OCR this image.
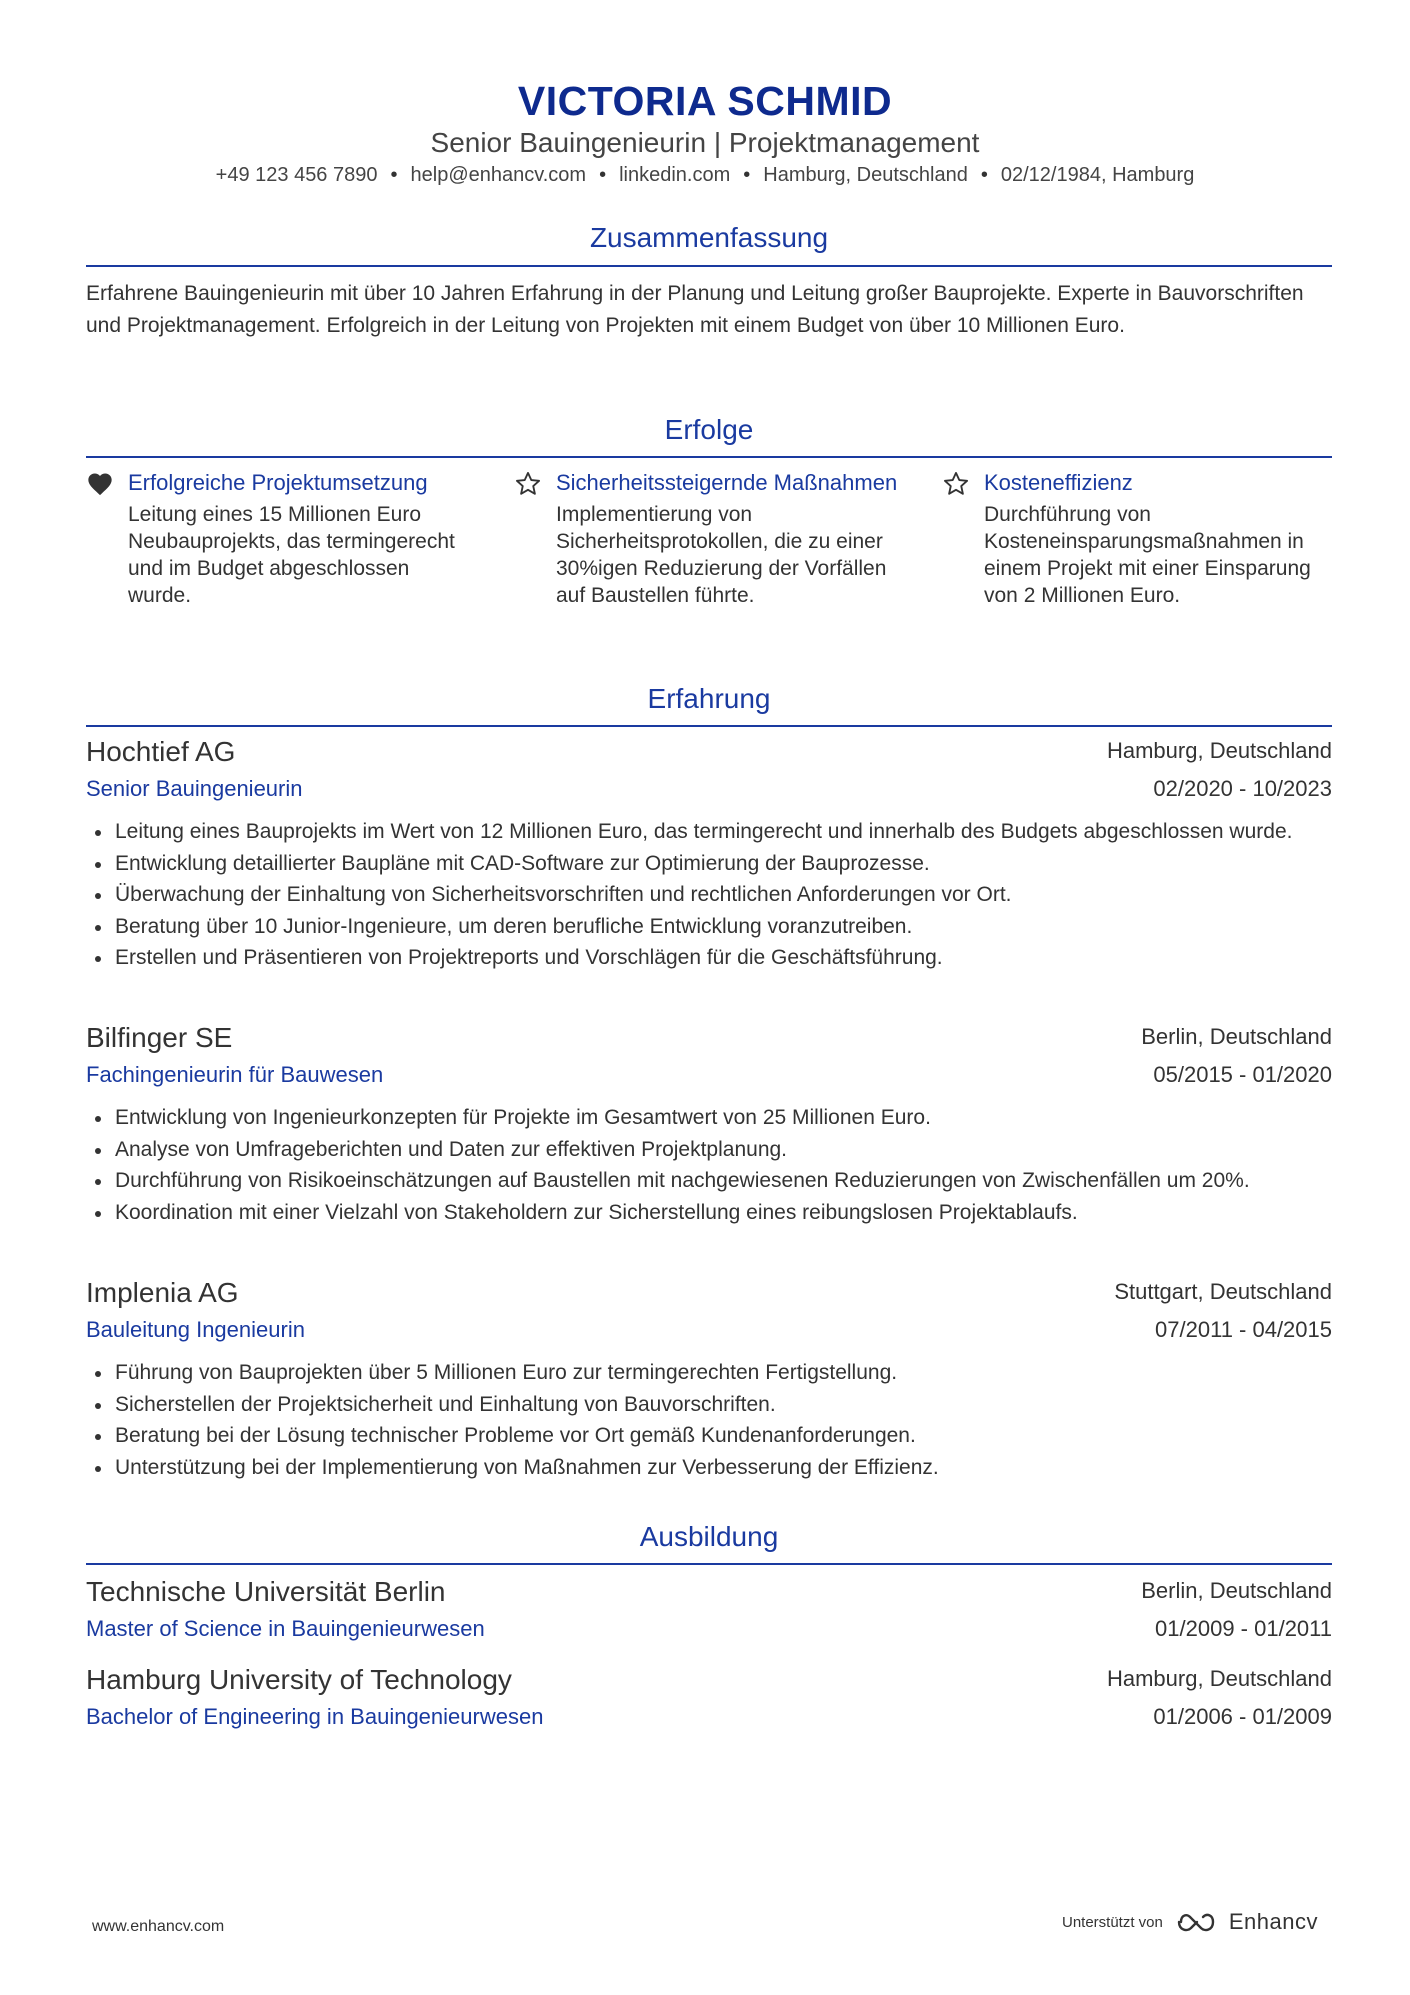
VICTORIA SCHMID
Senior Bauingenieurin | Projektmanagement
+49 123 456 7890 • help@enhancv.com • linkedin.com • Hamburg, Deutschland • 02/12/1984, Hamburg
Zusammenfassung
Erfahrene Bauingenieurin mit über 10 Jahren Erfahrung in der Planung und Leitung großer Bauprojekte. Experte in Bauvorschriften und Projektmanagement. Erfolgreich in der Leitung von Projekten mit einem Budget von über 10 Millionen Euro.
Erfolge
Erfolgreiche Projektumsetzung
Leitung eines 15 Millionen Euro Neubauprojekts, das termingerecht und im Budget abgeschlossen wurde.
Sicherheitssteigernde Maßnahmen
Implementierung von Sicherheitsprotokollen, die zu einer 30%igen Reduzierung der Vorfällen auf Baustellen führte.
Kosteneffizienz
Durchführung von Kosteneinsparungsmaßnahmen in einem Projekt mit einer Einsparung von 2 Millionen Euro.
Erfahrung
Hochtief AG	Hamburg, Deutschland
Senior Bauingenieurin	02/2020 - 10/2023
Leitung eines Bauprojekts im Wert von 12 Millionen Euro, das termingerecht und innerhalb des Budgets abgeschlossen wurde.
Entwicklung detaillierter Baupläne mit CAD-Software zur Optimierung der Bauprozesse.
Überwachung der Einhaltung von Sicherheitsvorschriften und rechtlichen Anforderungen vor Ort.
Beratung über 10 Junior-Ingenieure, um deren berufliche Entwicklung voranzutreiben.
Erstellen und Präsentieren von Projektreports und Vorschlägen für die Geschäftsführung.
Bilfinger SE	Berlin, Deutschland
Fachingenieurin für Bauwesen	05/2015 - 01/2020
Entwicklung von Ingenieurkonzepten für Projekte im Gesamtwert von 25 Millionen Euro.
Analyse von Umfrageberichten und Daten zur effektiven Projektplanung.
Durchführung von Risikoeinschätzungen auf Baustellen mit nachgewiesenen Reduzierungen von Zwischenfällen um 20%.
Koordination mit einer Vielzahl von Stakeholdern zur Sicherstellung eines reibungslosen Projektablaufs.
Implenia AG	Stuttgart, Deutschland
Bauleitung Ingenieurin	07/2011 - 04/2015
Führung von Bauprojekten über 5 Millionen Euro zur termingerechten Fertigstellung.
Sicherstellen der Projektsicherheit und Einhaltung von Bauvorschriften.
Beratung bei der Lösung technischer Probleme vor Ort gemäß Kundenanforderungen.
Unterstützung bei der Implementierung von Maßnahmen zur Verbesserung der Effizienz.
Ausbildung
Technische Universität Berlin	Berlin, Deutschland
Master of Science in Bauingenieurwesen	01/2009 - 01/2011
Hamburg University of Technology	Hamburg, Deutschland
Bachelor of Engineering in Bauingenieurwesen	01/2006 - 01/2009
www.enhancv.com	Unterstützt von	Enhancv
